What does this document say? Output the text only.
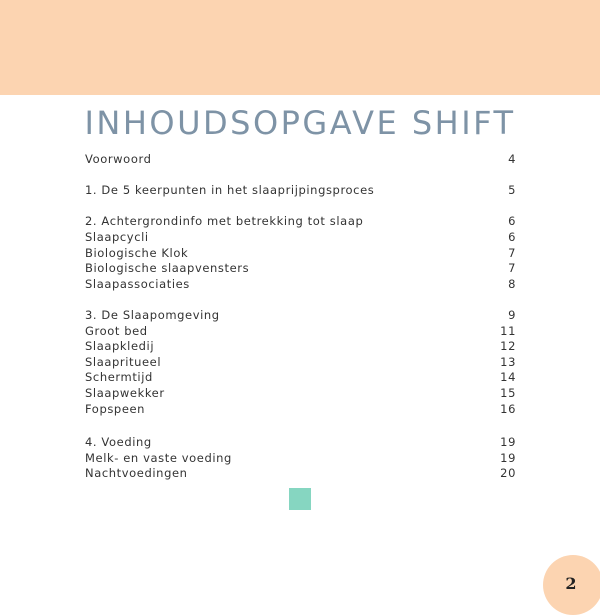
INHOUDSOPGAVE SHIFT
Voorwoord	4
1. De 5 keerpunten in het slaaprijpingsproces	5
2. Achtergrondinfo met betrekking tot slaap	6
Slaapcycli	6
Biologische Klok	7
Biologische slaapvensters	7
Slaapassociaties	8
3. De Slaapomgeving	9
Groot bed	11
Slaapkledij	12
Slaapritueel	13
Schermtijd	14
Slaapwekker	15
Fopspeen	16
4. Voeding	19
Melk- en vaste voeding	19
Nachtvoedingen	20
2
